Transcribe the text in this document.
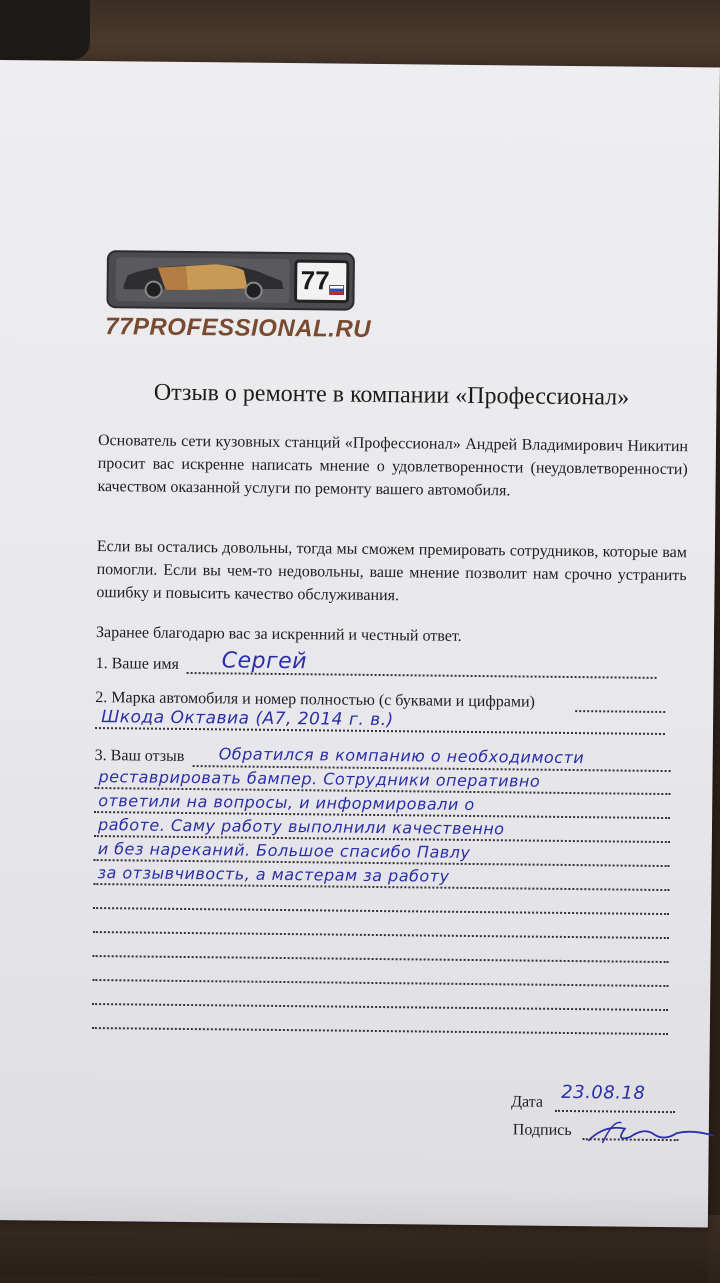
77
77PROFESSIONAL.RU
Отзыв о ремонте в компании «Профессионал»
Основатель сети кузовных станций «Профессионал» Андрей Владимирович Никитин просит вас искренне написать мнение о удовлетворенности (неудовлетворенности) качеством оказанной услуги по ремонту вашего автомобиля.
Если вы остались довольны, тогда мы сможем премировать сотрудников, которые вам помогли. Если вы чем-то недовольны, ваше мнение позволит нам срочно устранить ошибку и повысить качество обслуживания.
Заранее благодарю вас за искренний и честный ответ.
1. Ваше имя Сергей
2. Марка автомобиля и номер полностью (с буквами и цифрами)
Шкода Октавиа (А7, 2014 г. в.)
3. Ваш отзыв Обратился в компанию о необходимости
реставрировать бампер. Сотрудники оперативно
ответили на вопросы, и информировали о
работе. Саму работу выполнили качественно
и без нареканий. Большое спасибо Павлу
за отзывчивость, а мастерам за работу
Дата 23.08.18
Подпись
